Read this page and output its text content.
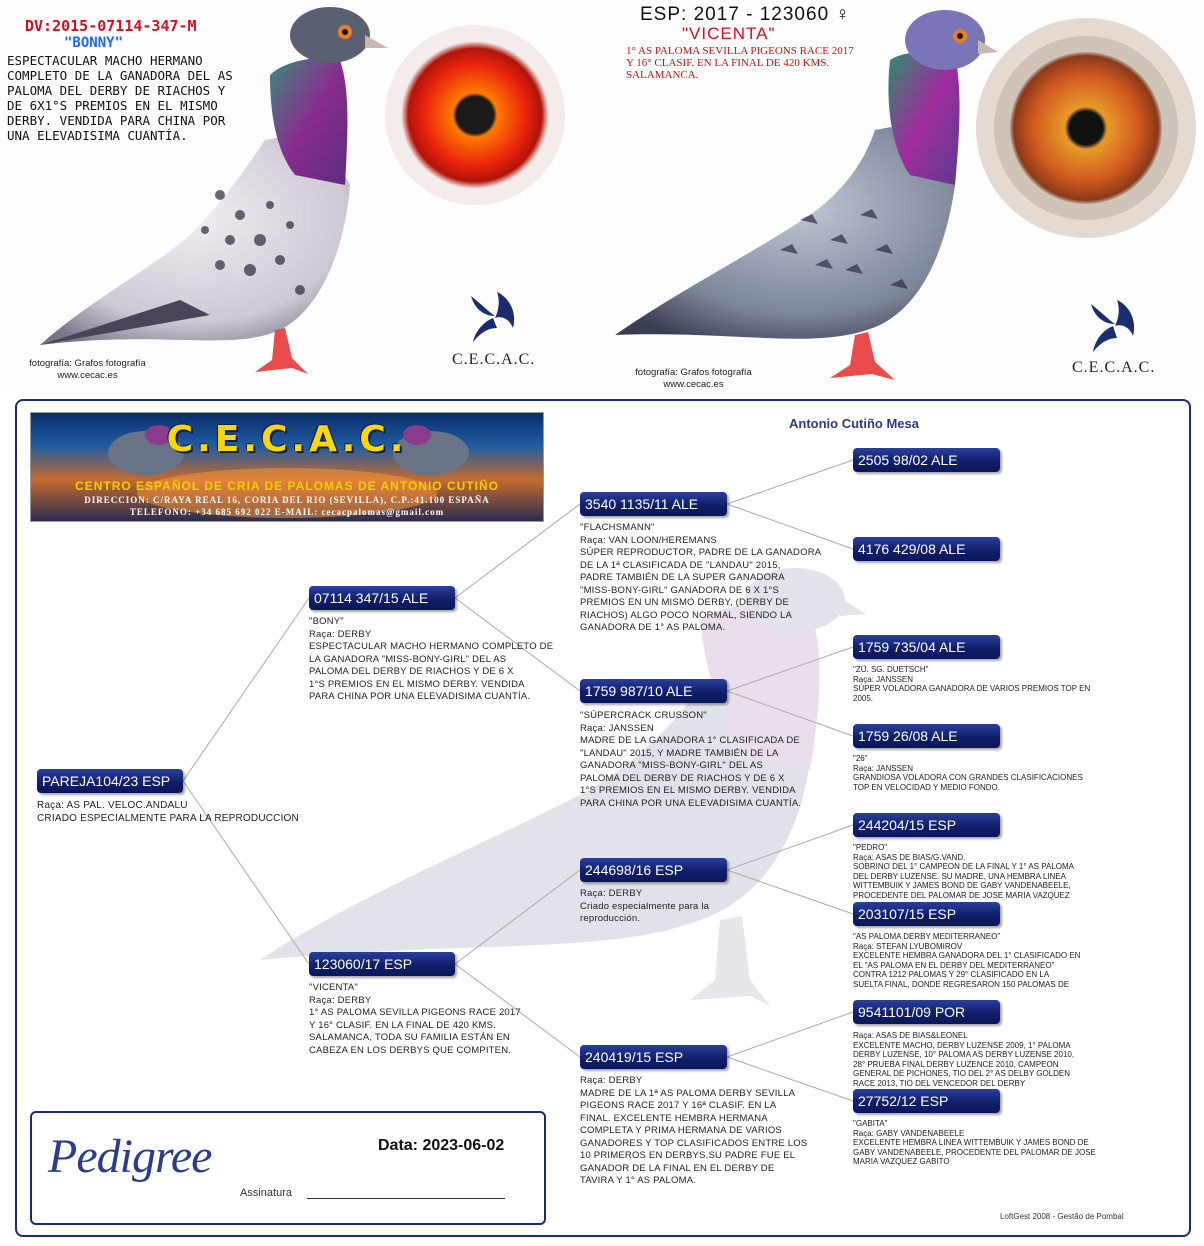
DV:2015-07114-347-M
"BONNY"
ESPECTACULAR MACHO HERMANO
COMPLETO DE LA GANADORA DEL AS
PALOMA DEL DERBY DE RIACHOS Y
DE 6X1°S PREMIOS EN EL MISMO
DERBY. VENDIDA PARA CHINA POR
UNA ELEVADISIMA CUANTÍA.
fotografía: Grafos fotografía
www.cecac.es
C.E.C.A.C.
ESP: 2017 - 123060 ♀
"VICENTA"
1° AS PALOMA SEVILLA PIGEONS RACE 2017
Y 16° CLASIF. EN LA FINAL DE 420 KMS.
SALAMANCA.
fotografía: Grafos fotografía
www.cecac.es
C.E.C.A.C.
Antonio Cutiño Mesa
C.E.C.A.C.
CENTRO ESPAÑOL DE CRIA DE PALOMAS DE ANTONIO CUTIÑO
DIRECCION: C/RAYA REAL 16, CORIA DEL RIO (SEVILLA), C.P.:41.100 ESPAÑA
TELEFONO: +34 685 692 022 E-MAIL: cecacpalomas@gmail.com
PAREJA104/23 ESP
Raça: AS PAL. VELOC.ANDALU
CRIADO ESPECIALMENTE PARA LA REPRODUCCION
07114 347/15 ALE
"BONY"
Raça: DERBY
ESPECTACULAR MACHO HERMANO COMPLETO DE
LA GANADORA "MISS-BONY-GIRL" DEL AS
PALOMA DEL DERBY DE RIACHOS Y DE 6 X
1°S PREMIOS EN EL MISMO DERBY. VENDIDA
PARA CHINA POR UNA ELEVADISIMA CUANTÍA.
123060/17 ESP
"VICENTA"
Raça: DERBY
1° AS PALOMA SEVILLA PIGEONS RACE 2017
Y 16° CLASIF. EN LA FINAL DE 420 KMS.
SALAMANCA, TODA SU FAMILIA ESTÁN EN
CABEZA EN LOS DERBYS QUE COMPITEN.
3540 1135/11 ALE
"FLACHSMANN"
Raça: VAN LOON/HEREMANS
SÚPER REPRODUCTOR, PADRE DE LA GANADORA
DE LA 1ª CLASIFICADA DE "LANDAU" 2015,
PADRE TAMBIÉN DE LA SUPER GANADORA
"MISS-BONY-GIRL" GANADORA DE 6 X 1°S
PREMIOS EN UN MISMO DERBY, (DERBY DE
RIACHOS) ALGO POCO NORMAL, SIENDO LA
GANADORA DE 1° AS PALOMA.
1759 987/10 ALE
"SÚPERCRACK CRUSSON"
Raça: JANSSEN
MADRE DE LA GANADORA 1° CLASIFICADA DE
"LANDAU" 2015, Y MADRE TAMBIÉN DE LA
GANADORA "MISS-BONY-GIRL" DEL AS
PALOMA DEL DERBY DE RIACHOS Y DE 6 X
1°S PREMIOS EN EL MISMO DERBY. VENDIDA
PARA CHINA POR UNA ELEVADISIMA CUANTÍA.
244698/16 ESP
Raça: DERBY
Criado especialmente para la
reproducción.
240419/15 ESP
Raça: DERBY
MADRE DE LA 1ª AS PALOMA DERBY SEVILLA
PIGEONS RACE 2017 Y 16ª CLASIF. EN LA
FINAL. EXCELENTE HEMBRA HERMANA
COMPLETA Y PRIMA HERMANA DE VARIOS
GANADORES Y TOP CLASIFICADOS ENTRE LOS
10 PRIMEROS EN DERBYS.SU PADRE FUE EL
GANADOR DE LA FINAL EN EL DERBY DE
TAVIRA Y 1° AS PALOMA.
2505 98/02 ALE
4176 429/08 ALE
1759 735/04 ALE
"ZÜ. SG. DUETSCH"
Raça: JANSSEN
SÚPER VOLADORA GANADORA DE VARIOS PREMIOS TOP EN
2005.
1759 26/08 ALE
"26"
Raça: JANSSEN
GRANDIOSA VOLADORA CON GRANDES CLASIFICACIONES
TOP EN VELOCIDAD Y MEDIO FONDO.
244204/15 ESP
"PEDRO"
Raça: ASAS DE BIAS/G.VAND.
SOBRINO DEL 1° CAMPEON DE LA FINAL Y 1° AS PALOMA
DEL DERBY LUZENSE. SU MADRE, UNA HEMBRA LINEA
WITTEMBUIK Y JAMES BOND DE GABY VANDENABEELE,
PROCEDENTE DEL PALOMAR DE JOSE MARIA VAZQUEZ
203107/15 ESP
"AS PALOMA DERBY MEDITERRANEO"
Raça: STEFAN LYUBOMIROV
EXCELENTE HEMBRA GANADORA DEL 1° CLASIFICADO EN
EL "AS PALOMA EN EL DERBY DEL MEDITERRANEO"
CONTRA 1212 PALOMAS Y 29° CLASIFICADO EN LA
SUELTA FINAL, DONDE REGRESARON 150 PALOMAS DE
9541101/09 POR
Raça: ASAS DE BIAS&LEONEL
EXCELENTE MACHO, DERBY LUZENSE 2009, 1° PALOMA
DERBY LUZENSE, 10° PALOMA AS DERBY LUZENSE 2010,
28° PRUEBA FINAL DERBY LUZENCE 2010, CAMPEON
GENERAL DE PICHONES, TIO DEL 2° AS DELBY GOLDEN
RACE 2013, TIO DEL VENCEDOR DEL DERBY
27752/12 ESP
"GABITA"
Raça: GABY VANDENABEELE
EXCELENTE HEMBRA LINEA WITTEMBUIK Y JAMES BOND DE
GABY VANDENABEELE, PROCEDENTE DEL PALOMAR DE JOSE
MARIA VAZQUEZ GABITO
Pedigree	Data: 2023-06-02
Assinatura
LoftGest 2008 - Gestão de Pombal
